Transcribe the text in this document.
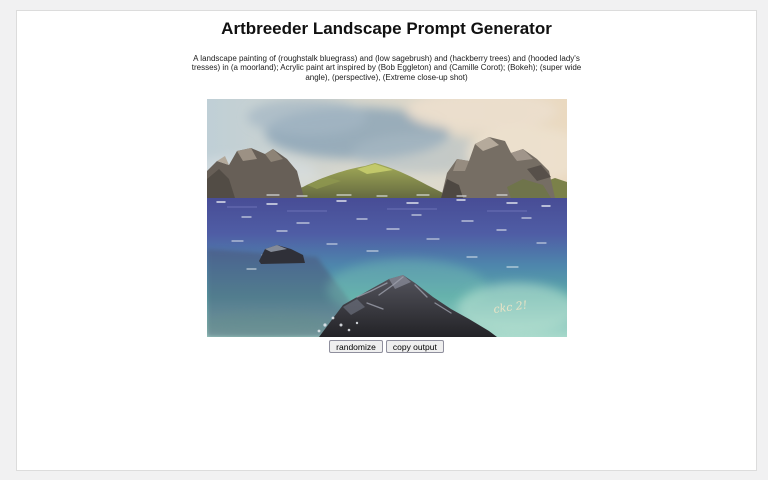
Artbreeder Landscape Prompt Generator

A landscape painting of (roughstalk bluegrass) and (low sagebrush) and (hackberry trees) and (hooded lady's tresses) in (a moorland); Acrylic paint art inspired by (Bob Eggleton) and (Camille Corot); (Bokeh); (super wide angle), (perspective), (Extreme close-up shot)

ckc 2!
randomize	copy output
